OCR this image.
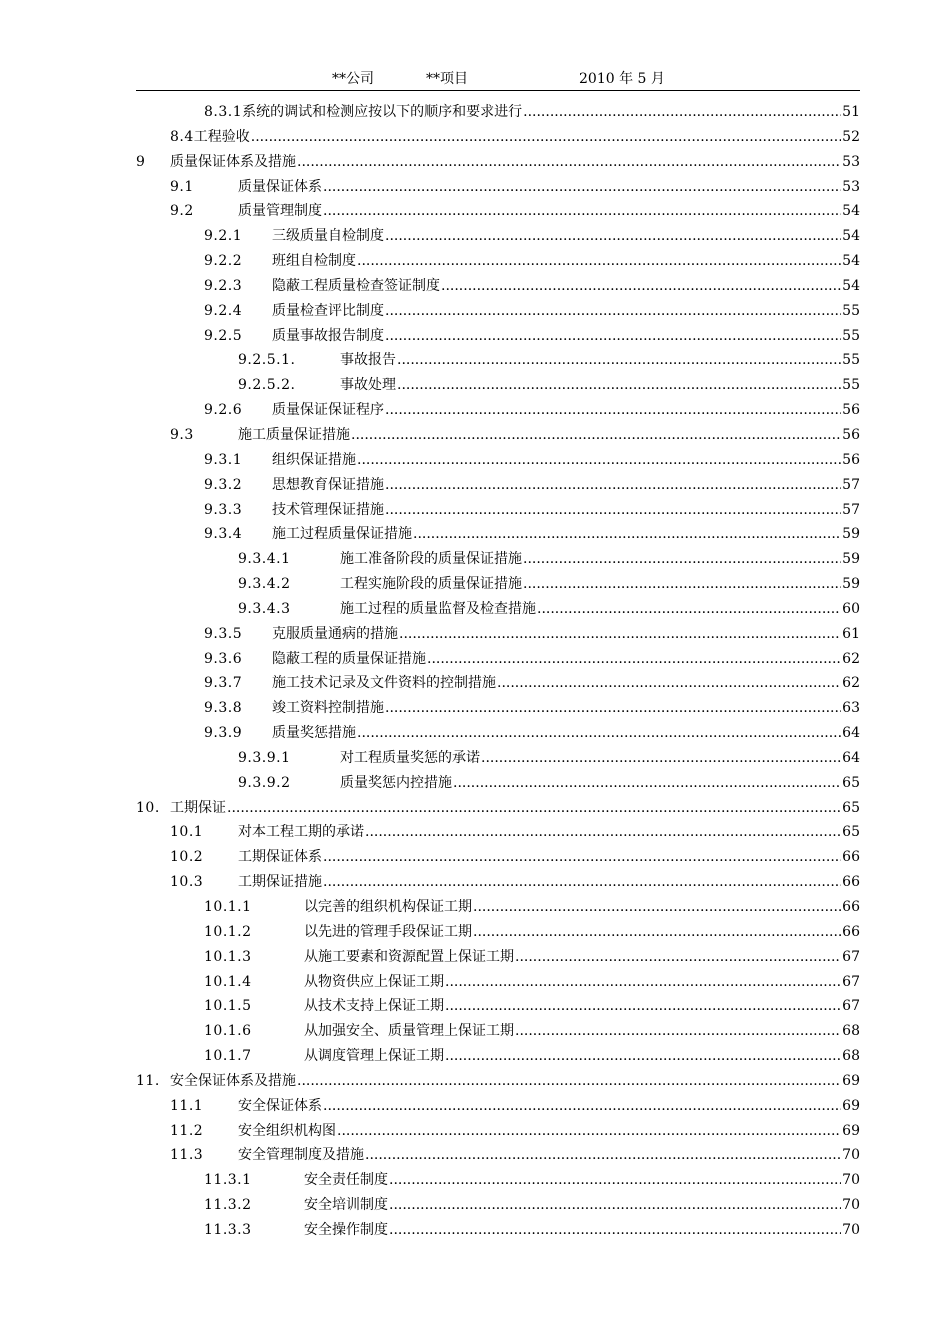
**公司	**项目	2010 年 5 月
8.3.1 系统的调试和检测应按以下的顺序和要求进行 .....	51
8.4 工程验收 .....	52
9	质量保证体系及措施 .....	53
9.1	质量保证体系 .....	53
9.2	质量管理制度 .....	54
9.2.1	三级质量自检制度 .....	54
9.2.2	班组自检制度 .....	54
9.2.3	隐蔽工程质量检查签证制度 .....	54
9.2.4	质量检查评比制度 .....	55
9.2.5	质量事故报告制度 .....	55
9.2.5.1.	事故报告 .....	55
9.2.5.2.	事故处理 .....	55
9.2.6	质量保证保证程序 .....	56
9.3	施工质量保证措施 .....	56
9.3.1	组织保证措施 .....	56
9.3.2	思想教育保证措施 .....	57
9.3.3	技术管理保证措施 .....	57
9.3.4	施工过程质量保证措施 .....	59
9.3.4.1	施工准备阶段的质量保证措施 .....	59
9.3.4.2	工程实施阶段的质量保证措施 .....	59
9.3.4.3	施工过程的质量监督及检查措施 .....	60
9.3.5	克服质量通病的措施 .....	61
9.3.6	隐蔽工程的质量保证措施 .....	62
9.3.7	施工技术记录及文件资料的控制措施 .....	62
9.3.8	竣工资料控制措施 .....	63
9.3.9	质量奖惩措施 .....	64
9.3.9.1	对工程质量奖惩的承诺 .....	64
9.3.9.2	质量奖惩内控措施 .....	65
10. 工期保证 .....	65
10.1	对本工程工期的承诺 .....	65
10.2	工期保证体系 .....	66
10.3	工期保证措施 .....	66
10.1.1	以完善的组织机构保证工期 .....	66
10.1.2	以先进的管理手段保证工期 .....	66
10.1.3	从施工要素和资源配置上保证工期 .....	67
10.1.4	从物资供应上保证工期 .....	67
10.1.5	从技术支持上保证工期 .....	67
10.1.6	从加强安全、质量管理上保证工期 .....	68
10.1.7	从调度管理上保证工期 .....	68
11. 安全保证体系及措施 .....	69
11.1	安全保证体系 .....	69
11.2	安全组织机构图 .....	69
11.3	安全管理制度及措施 .....	70
11.3.1	安全责任制度 .....	70
11.3.2	安全培训制度 .....	70
11.3.3	安全操作制度 .....	70
